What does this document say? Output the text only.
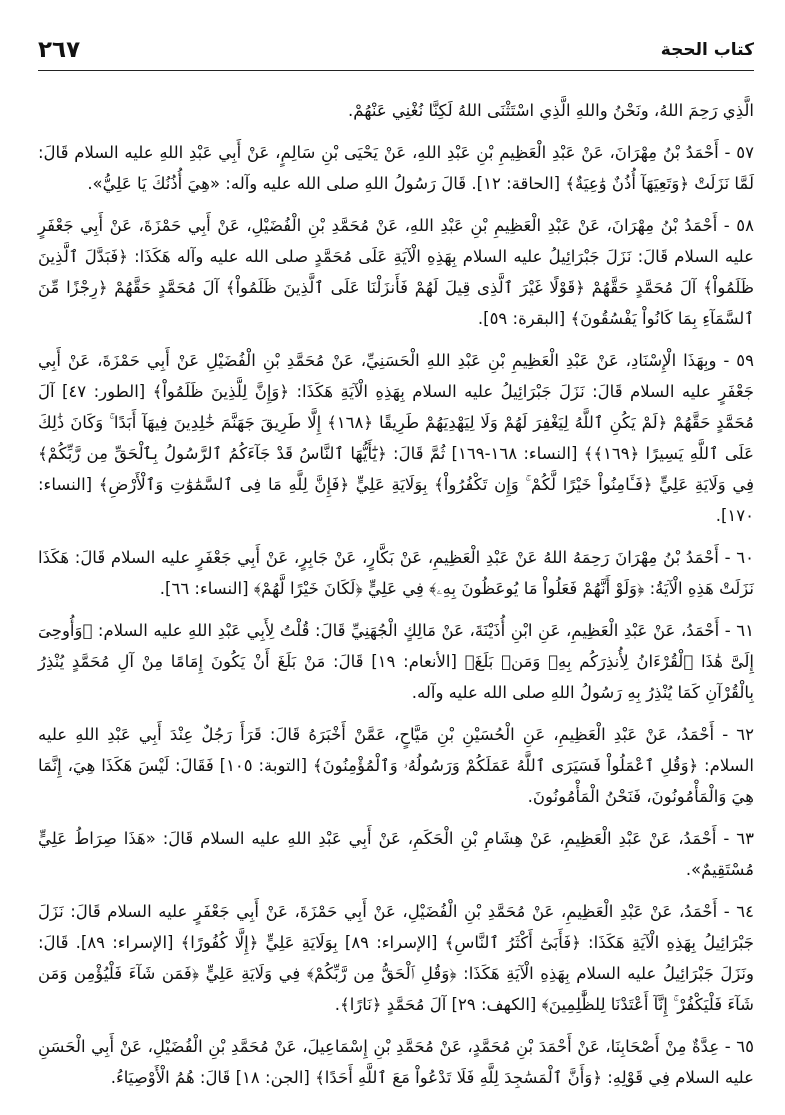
كتاب الحجة
٢٦٧

الَّذِي رَحِمَ اللهُ، ونَحْنُ واللهِ الَّذِي اسْتَثْنَى اللهُ لَكِنَّا نُغْنِي عَنْهُمْ.

٥٧ - أَحْمَدُ بْنُ مِهْرَانَ، عَنْ عَبْدِ الْعَظِيمِ بْنِ عَبْدِ اللهِ، عَنْ يَحْيَى بْنِ سَالِمٍ، عَنْ أَبِي عَبْدِ اللهِ عليه السلام قَالَ: لَمَّا نَزَلَتْ ﴿وَتَعِيَهَآ أُذُنٌ وَٰعِيَةٌ﴾ [الحاقة: ١٢]. قَالَ رَسُولُ اللهِ صلى الله عليه وآله: «هِيَ أُذُنُكَ يَا عَلِيُّ».

٥٨ - أَحْمَدُ بْنُ مِهْرَانَ، عَنْ عَبْدِ الْعَظِيمِ بْنِ عَبْدِ اللهِ، عَنْ مُحَمَّدِ بْنِ الْفُضَيْلِ، عَنْ أَبِي حَمْزَةَ، عَنْ أَبِي جَعْفَرٍ عليه السلام قَالَ: نَزَلَ جَبْرَائِيلُ عليه السلام بِهَذِهِ الْآيَةِ عَلَى مُحَمَّدٍ صلى الله عليه وآله هَكَذَا: ﴿فَبَدَّلَ ٱلَّذِينَ ظَلَمُواْ﴾ آلَ مُحَمَّدٍ حَقَّهُمْ ﴿قَوْلًا غَيْرَ ٱلَّذِى قِيلَ لَهُمْ فَأَنزَلْنَا عَلَى ٱلَّذِينَ ظَلَمُواْ﴾ آلَ مُحَمَّدٍ حَقَّهُمْ ﴿رِجْزًا مِّنَ ٱلسَّمَآءِ بِمَا كَانُواْ يَفْسُقُونَ﴾ [البقرة: ٥٩].

٥٩ - وبِهَذَا الْإِسْنَادِ، عَنْ عَبْدِ الْعَظِيمِ بْنِ عَبْدِ اللهِ الْحَسَنِيِّ، عَنْ مُحَمَّدِ بْنِ الْفُضَيْلِ عَنْ أَبِي حَمْزَةَ، عَنْ أَبِي جَعْفَرٍ عليه السلام قَالَ: نَزَلَ جَبْرَائِيلُ عليه السلام بِهَذِهِ الْآيَةِ هَكَذَا: ﴿وَإِنَّ لِلَّذِينَ ظَلَمُواْ﴾ [الطور: ٤٧] آلَ مُحَمَّدٍ حَقَّهُمْ ﴿لَمْ يَكُنِ ٱللَّهُ لِيَغْفِرَ لَهُمْ وَلَا لِيَهْدِيَهُمْ طَرِيقًا ﴿١٦٨﴾ إِلَّا طَرِيقَ جَهَنَّمَ خَٰلِدِينَ فِيهَآ أَبَدًا ۚ وَكَانَ ذَٰلِكَ عَلَى ٱللَّهِ يَسِيرًا ﴿١٦٩﴾﴾ [النساء: ١٦٨-١٦٩] ثُمَّ قَالَ: ﴿يَٰٓأَيُّهَا ٱلنَّاسُ قَدْ جَآءَكُمُ ٱلرَّسُولُ بِٱلْحَقِّ مِن رَّبِّكُمْ﴾ فِي وَلَايَةِ عَلِيٍّ ﴿فَـَٔامِنُواْ خَيْرًا لَّكُمْ ۚ وَإِن تَكْفُرُواْ﴾ بِوَلَايَةِ عَلِيٍّ ﴿فَإِنَّ لِلَّهِ مَا فِى ٱلسَّمَٰوَٰتِ وَٱلْأَرْضِ﴾ [النساء: ١٧٠].

٦٠ - أَحْمَدُ بْنُ مِهْرَانَ رَحِمَهُ اللهُ عَنْ عَبْدِ الْعَظِيمِ، عَنْ بَكَّارٍ، عَنْ جَابِرٍ، عَنْ أَبِي جَعْفَرٍ عليه السلام قَالَ: هَكَذَا نَزَلَتْ هَذِهِ الْآيَةُ: ﴿وَلَوْ أَنَّهُمْ فَعَلُواْ مَا يُوعَظُونَ بِهِۦ﴾ فِي عَلِيٍّ ﴿لَكَانَ خَيْرًا لَّهُمْ﴾ [النساء: ٦٦].

٦١ - أَحْمَدُ، عَنْ عَبْدِ الْعَظِيمِ، عَنِ ابْنِ أُذَيْنَةَ، عَنْ مَالِكٍ الْجُهَنِيِّ قَالَ: قُلْتُ لِأَبِي عَبْدِ اللهِ عليه السلام: ﴿وَأُوحِىَ إِلَىَّ هَٰذَا ٱلْقُرْءَانُ لِأُنذِرَكُم بِهِۦ وَمَنۢ بَلَغَ﴾ [الأنعام: ١٩] قَالَ: مَنْ بَلَغَ أَنْ يَكُونَ إِمَامًا مِنْ آلِ مُحَمَّدٍ يُنْذِرُ بِالْقُرْآنِ كَمَا يُنْذِرُ بِهِ رَسُولُ اللهِ صلى الله عليه وآله.

٦٢ - أَحْمَدُ، عَنْ عَبْدِ الْعَظِيمِ، عَنِ الْحُسَيْنِ بْنِ مَيَّاحٍ، عَمَّنْ أَخْبَرَهُ قَالَ: قَرَأَ رَجُلٌ عِنْدَ أَبِي عَبْدِ اللهِ عليه السلام: ﴿وَقُلِ ٱعْمَلُواْ فَسَيَرَى ٱللَّهُ عَمَلَكُمْ وَرَسُولُهُۥ وَٱلْمُؤْمِنُونَ﴾ [التوبة: ١٠٥] فَقَالَ: لَيْسَ هَكَذَا هِيَ، إِنَّمَا هِيَ وَالْمَأْمُونُونَ، فَنَحْنُ الْمَأْمُونُونَ.

٦٣ - أَحْمَدُ، عَنْ عَبْدِ الْعَظِيمِ، عَنْ هِشَامِ بْنِ الْحَكَمِ، عَنْ أَبِي عَبْدِ اللهِ عليه السلام قَالَ: «هَذَا صِرَاطُ عَلِيٍّ مُسْتَقِيمٌ».

٦٤ - أَحْمَدُ، عَنْ عَبْدِ الْعَظِيمِ، عَنْ مُحَمَّدِ بْنِ الْفُضَيْلِ، عَنْ أَبِي حَمْزَةَ، عَنْ أَبِي جَعْفَرٍ عليه السلام قَالَ: نَزَلَ جَبْرَائِيلُ بِهَذِهِ الْآيَةِ هَكَذَا: ﴿فَأَبَىٰٓ أَكْثَرُ ٱلنَّاسِ﴾ [الإسراء: ٨٩] بِوَلَايَةِ عَلِيٍّ ﴿إِلَّا كُفُورًا﴾ [الإسراء: ٨٩]. قَالَ: ونَزَلَ جَبْرَائِيلُ عليه السلام بِهَذِهِ الْآيَةِ هَكَذَا: ﴿وَقُلِ ٱلْحَقُّ مِن رَّبِّكُمْ﴾ فِي وَلَايَةِ عَلِيٍّ ﴿فَمَن شَآءَ فَلْيُؤْمِن وَمَن شَآءَ فَلْيَكْفُرْ ۚ إِنَّآ أَعْتَدْنَا لِلظَّٰلِمِينَ﴾ [الكهف: ٢٩] آلَ مُحَمَّدٍ ﴿نَارًا﴾.

٦٥ - عِدَّةٌ مِنْ أَصْحَابِنَا، عَنْ أَحْمَدَ بْنِ مُحَمَّدٍ، عَنْ مُحَمَّدِ بْنِ إِسْمَاعِيلَ، عَنْ مُحَمَّدِ بْنِ الْفُضَيْلِ، عَنْ أَبِي الْحَسَنِ عليه السلام فِي قَوْلِهِ: ﴿وَأَنَّ ٱلْمَسَٰجِدَ لِلَّهِ فَلَا تَدْعُواْ مَعَ ٱللَّهِ أَحَدًا﴾ [الجن: ١٨] قَالَ: هُمُ الْأَوْصِيَاءُ.
